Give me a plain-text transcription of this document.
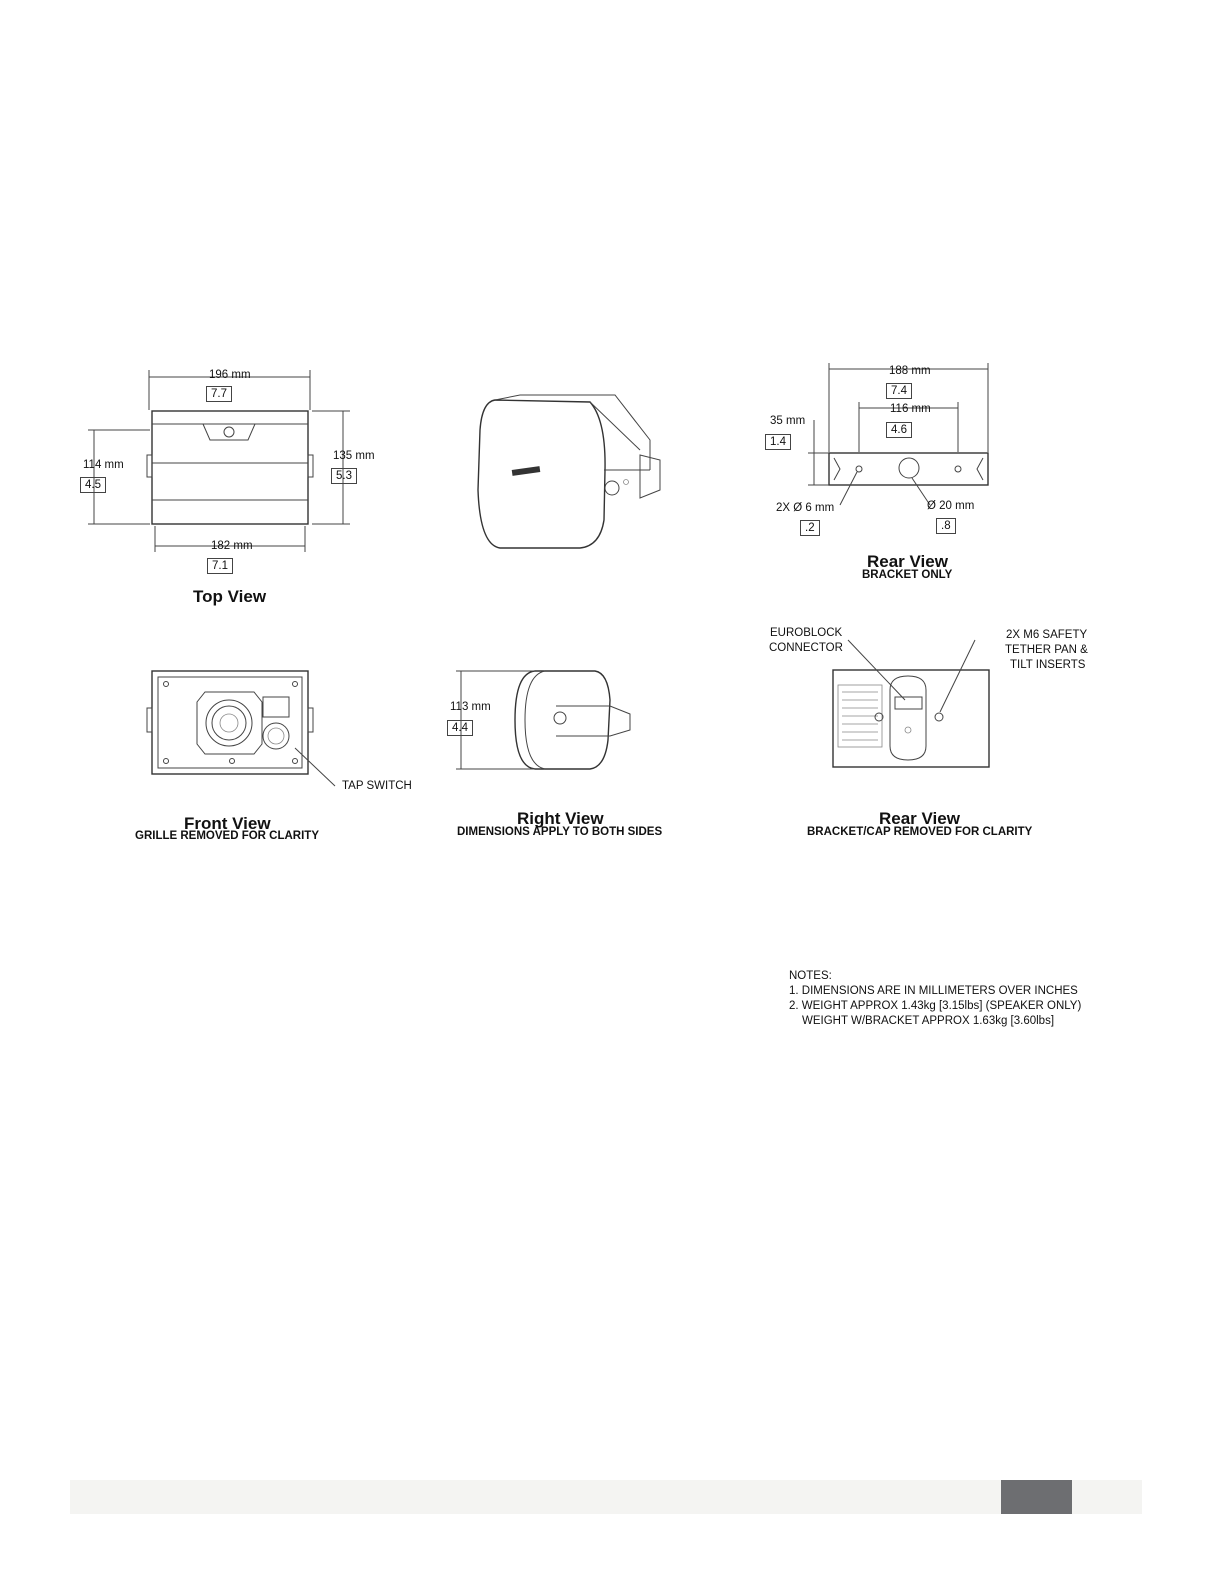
196 mm
7.7
114 mm
4.5
135 mm
5.3
182 mm
7.1
Top View
188 mm
7.4
116 mm
4.6
35 mm
1.4
2X Ø 6 mm
.2
Ø 20 mm
.8
Rear View
BRACKET ONLY
TAP SWITCH
Front View
GRILLE REMOVED FOR CLARITY
113 mm
4.4
Right View
DIMENSIONS APPLY TO BOTH SIDES
EUROBLOCK
CONNECTOR
2X M6 SAFETY
TETHER PAN &
TILT INSERTS
Rear View
BRACKET/CAP REMOVED FOR CLARITY
NOTES:
1. DIMENSIONS ARE IN MILLIMETERS OVER INCHES
2. WEIGHT APPROX 1.43kg [3.15lbs] (SPEAKER ONLY)
WEIGHT W/BRACKET APPROX 1.63kg [3.60lbs]
